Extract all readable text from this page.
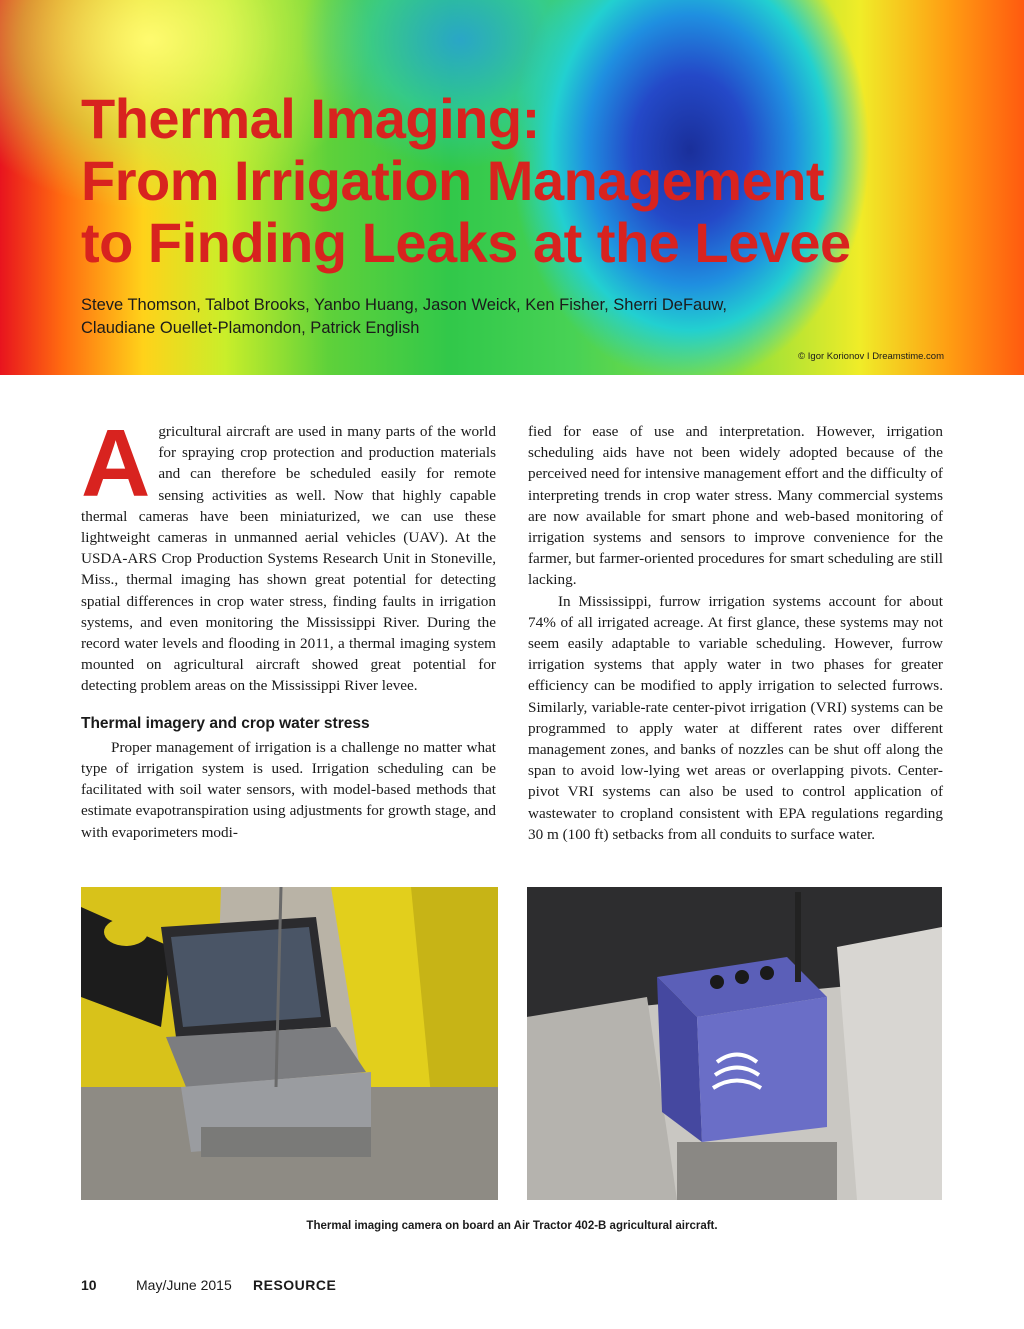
Thermal Imaging:
From Irrigation Management
to Finding Leaks at the Levee
Steve Thomson, Talbot Brooks, Yanbo Huang, Jason Weick, Ken Fisher, Sherri DeFauw,
Claudiane Ouellet-Plamondon, Patrick English
© Igor Korionov I Dreamstime.com

Agricultural aircraft are used in many parts of the world for spraying crop protection and production materials and can therefore be scheduled easily for remote sensing activities as well. Now that highly capable thermal cameras have been miniaturized, we can use these lightweight cameras in unmanned aerial vehicles (UAV). At the USDA-ARS Crop Production Systems Research Unit in Stoneville, Miss., thermal imaging has shown great potential for detecting spatial differences in crop water stress, finding faults in irrigation systems, and even monitoring the Mississippi River. During the record water levels and flooding in 2011, a thermal imaging system mounted on agricultural aircraft showed great potential for detecting problem areas on the Mississippi River levee.

Thermal imagery and crop water stress

Proper management of irrigation is a challenge no matter what type of irrigation system is used. Irrigation scheduling can be facilitated with soil water sensors, with model-based methods that estimate evapotranspiration using adjustments for growth stage, and with evaporimeters modi-

fied for ease of use and interpretation. However, irrigation scheduling aids have not been widely adopted because of the perceived need for intensive management effort and the difficulty of interpreting trends in crop water stress. Many commercial systems are now available for smart phone and web-based monitoring of irrigation systems and sensors to improve convenience for the farmer, but farmer-oriented procedures for smart scheduling are still lacking.

In Mississippi, furrow irrigation systems account for about 74% of all irrigated acreage. At first glance, these systems may not seem easily adaptable to variable scheduling. However, furrow irrigation systems that apply water in two phases for greater efficiency can be modified to apply irrigation to selected furrows. Similarly, variable-rate center-pivot irrigation (VRI) systems can be programmed to apply water at different rates over different management zones, and banks of nozzles can be shut off along the span to avoid low-lying wet areas or overlapping pivots. Center-pivot VRI systems can also be used to control application of wastewater to cropland consistent with EPA regulations regarding 30 m (100 ft) setbacks from all conduits to surface water.

Thermal imaging camera on board an Air Tractor 402-B agricultural aircraft.
10	May/June 2015	RESOURCE
